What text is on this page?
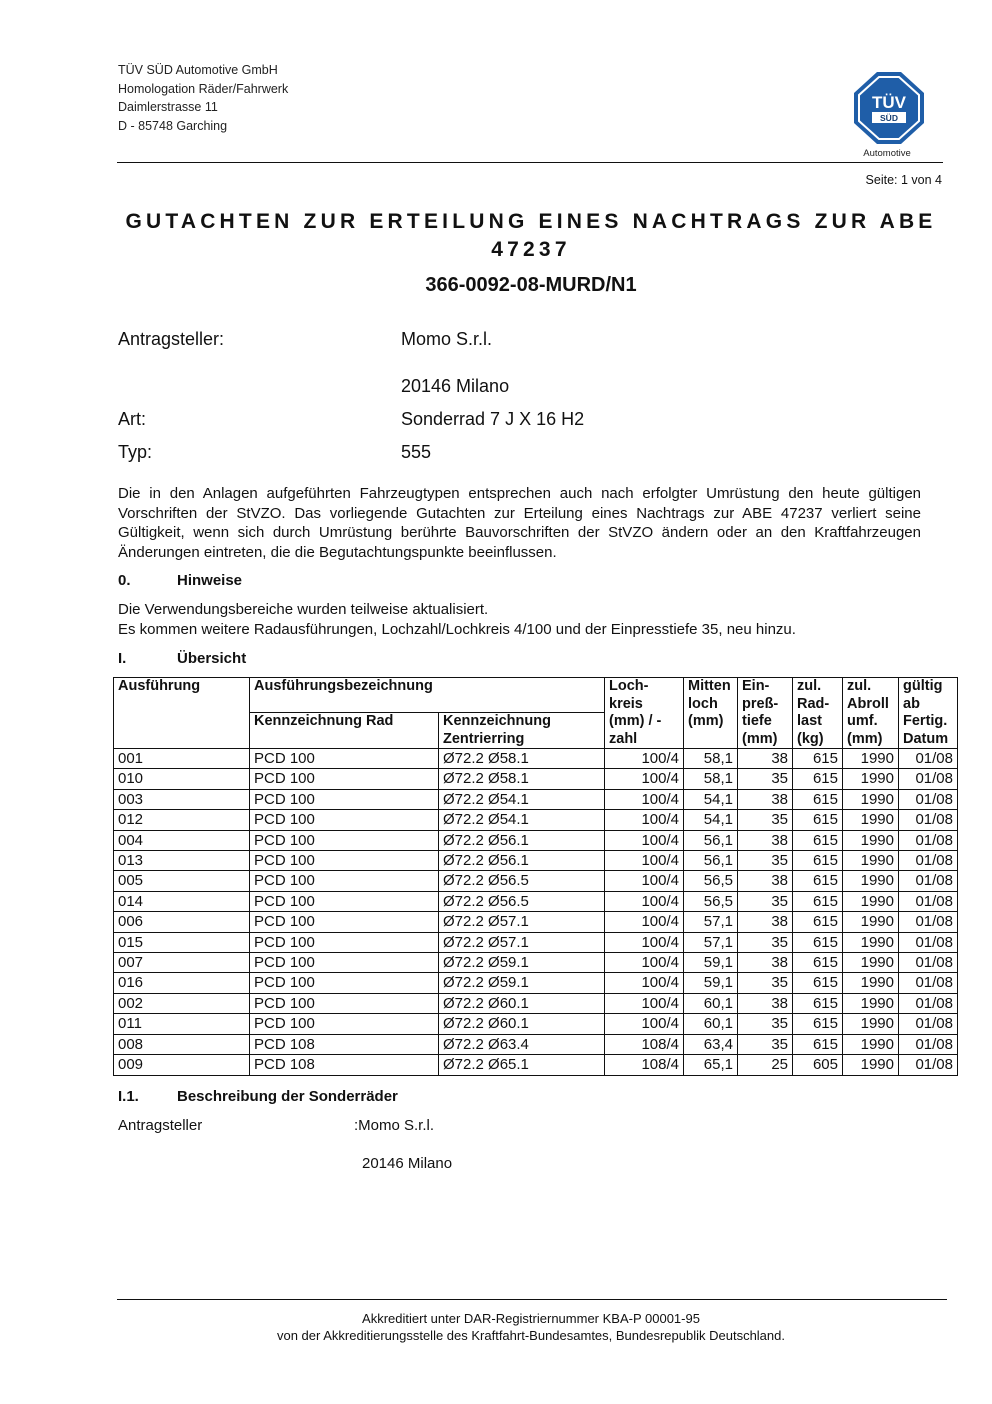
TÜV SÜD Automotive GmbH
Homologation Räder/Fahrwerk
Daimlerstrasse 11
D - 85748 Garching
TÜV
SÜD
Automotive
Seite: 1 von 4
GUTACHTEN ZUR ERTEILUNG EINES NACHTRAGS ZUR ABE 47237
366-0092-08-MURD/N1
Antragsteller:	Momo S.r.l.
20146 Milano
Art:	Sonderrad 7 J X 16 H2
Typ:	555
Die in den Anlagen aufgeführten Fahrzeugtypen entsprechen auch nach erfolgter Umrüstung den heute gültigen Vorschriften der StVZO. Das vorliegende Gutachten zur Erteilung eines Nachtrags zur ABE 47237 verliert seine Gültigkeit, wenn sich durch Umrüstung berührte Bauvorschriften der StVZO ändern oder an den Kraftfahrzeugen Änderungen eintreten, die die Begutachtungspunkte beeinflussen.
0.	Hinweise
Die Verwendungsbereiche wurden teilweise aktualisiert.
Es kommen weitere Radausführungen, Lochzahl/Lochkreis 4/100 und der Einpresstiefe 35, neu hinzu.
I.	Übersicht
Ausführung	Ausführungsbezeichnung		Loch-kreis (mm) / -zahl	Mitten loch (mm)	Ein-preß-tiefe (mm)	zul. Rad-last (kg)	zul. Abroll umf. (mm)	gültig ab Fertig. Datum
	Kennzeichnung Rad	Kennzeichnung Zentrierring						
001	PCD 100	Ø72.2 Ø58.1	100/4	58,1	38	615	1990	01/08
010	PCD 100	Ø72.2 Ø58.1	100/4	58,1	35	615	1990	01/08
003	PCD 100	Ø72.2 Ø54.1	100/4	54,1	38	615	1990	01/08
012	PCD 100	Ø72.2 Ø54.1	100/4	54,1	35	615	1990	01/08
004	PCD 100	Ø72.2 Ø56.1	100/4	56,1	38	615	1990	01/08
013	PCD 100	Ø72.2 Ø56.1	100/4	56,1	35	615	1990	01/08
005	PCD 100	Ø72.2 Ø56.5	100/4	56,5	38	615	1990	01/08
014	PCD 100	Ø72.2 Ø56.5	100/4	56,5	35	615	1990	01/08
006	PCD 100	Ø72.2 Ø57.1	100/4	57,1	38	615	1990	01/08
015	PCD 100	Ø72.2 Ø57.1	100/4	57,1	35	615	1990	01/08
007	PCD 100	Ø72.2 Ø59.1	100/4	59,1	38	615	1990	01/08
016	PCD 100	Ø72.2 Ø59.1	100/4	59,1	35	615	1990	01/08
002	PCD 100	Ø72.2 Ø60.1	100/4	60,1	38	615	1990	01/08
011	PCD 100	Ø72.2 Ø60.1	100/4	60,1	35	615	1990	01/08
008	PCD 108	Ø72.2 Ø63.4	108/4	63,4	35	615	1990	01/08
009	PCD 108	Ø72.2 Ø65.1	108/4	65,1	25	605	1990	01/08
I.1.	Beschreibung der Sonderräder
Antragsteller	:Momo S.r.l.
20146 Milano
Akkreditiert unter DAR-Registriernummer KBA-P 00001-95
von der Akkreditierungsstelle des Kraftfahrt-Bundesamtes, Bundesrepublik Deutschland.
